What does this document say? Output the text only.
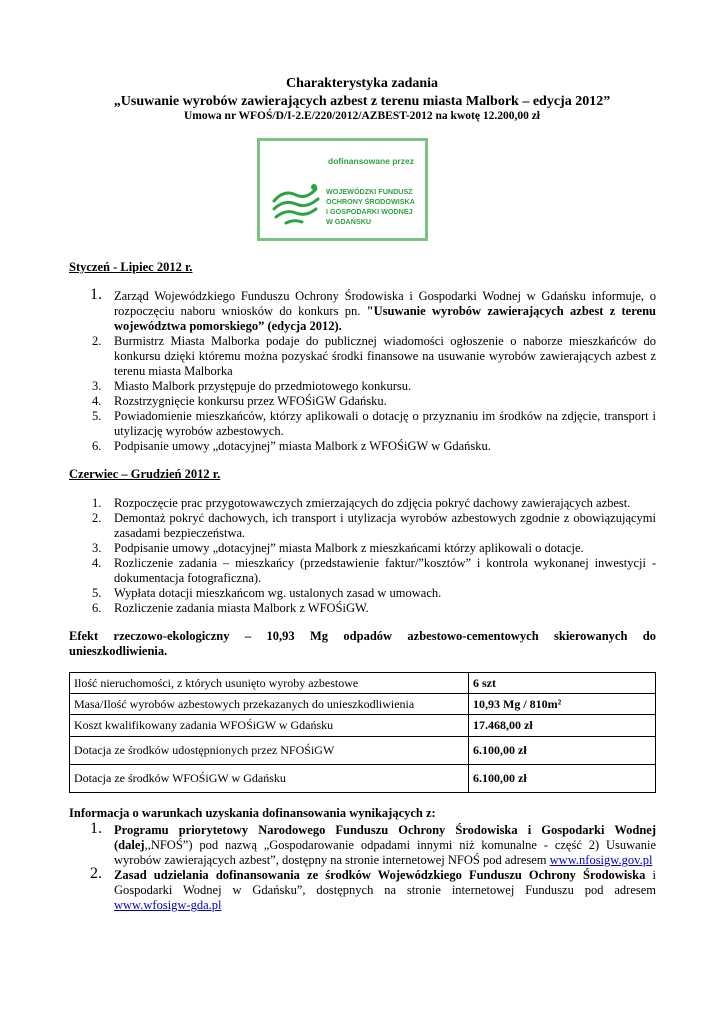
Charakterystyka zadania
„Usuwanie wyrobów zawierających azbest z terenu miasta Malbork – edycja 2012”
Umowa nr WFOŚ/D/I-2.E/220/2012/AZBEST-2012 na kwotę 12.200,00 zł
dofinansowane przez
WOJEWÓDZKI FUNDUSZ
OCHRONY ŚRODOWISKA
I GOSPODARKI WODNEJ
W GDAŃSKU
Styczeń - Lipiec 2012 r.
1. Zarząd Wojewódzkiego Funduszu Ochrony Środowiska i Gospodarki Wodnej w Gdańsku informuje, o rozpoczęciu naboru wniosków do konkurs pn. "Usuwanie wyrobów zawierających azbest z terenu województwa pomorskiego” (edycja 2012).
2. Burmistrz Miasta Malborka podaje do publicznej wiadomości ogłoszenie o naborze mieszkańców do konkursu dzięki któremu można pozyskać środki finansowe na usuwanie wyrobów zawierających azbest z terenu miasta Malborka
3. Miasto Malbork przystępuje do przedmiotowego konkursu.
4. Rozstrzygnięcie konkursu przez WFOŚiGW Gdańsku.
5. Powiadomienie mieszkańców, którzy aplikowali o dotację o przyznaniu im środków na zdjęcie, transport i utylizację wyrobów azbestowych.
6. Podpisanie umowy „dotacyjnej” miasta Malbork z WFOŚiGW w Gdańsku.
Czerwiec – Grudzień 2012 r.
1. Rozpoczęcie prac przygotowawczych zmierzających do zdjęcia pokryć dachowy zawierających azbest.
2. Demontaż pokryć dachowych, ich transport i utylizacja wyrobów azbestowych zgodnie z obowiązującymi zasadami bezpieczeństwa.
3. Podpisanie umowy „dotacyjnej” miasta Malbork z mieszkańcami którzy aplikowali o dotacje.
4. Rozliczenie zadania – mieszkańcy (przedstawienie faktur/”kosztów” i kontrola wykonanej inwestycji - dokumentacja fotograficzna).
5. Wypłata dotacji mieszkańcom wg. ustalonych zasad w umowach.
6. Rozliczenie zadania miasta Malbork z WFOŚiGW.
Efekt rzeczowo-ekologiczny – 10,93 Mg odpadów azbestowo-cementowych skierowanych do unieszkodliwienia.
Ilość nieruchomości, z których usunięto wyroby azbestowe	6 szt
Masa/Ilość wyrobów azbestowych przekazanych do unieszkodliwienia	10,93 Mg / 810m²
Koszt kwalifikowany zadania WFOŚiGW w Gdańsku	17.468,00 zł
Dotacja ze środków udostępnionych przez NFOŚiGW	6.100,00 zł
Dotacja ze środków WFOŚiGW w Gdańsku	6.100,00 zł
Informacja o warunkach uzyskania dofinansowania wynikających z:
1. Programu priorytetowy Narodowego Funduszu Ochrony Środowiska i Gospodarki Wodnej (dalej,,NFOŚ”) pod nazwą „Gospodarowanie odpadami innymi niż komunalne - część 2) Usuwanie wyrobów zawierających azbest”, dostępny na stronie internetowej NFOŚ pod adresem www.nfosigw.gov.pl
2. Zasad udzielania dofinansowania ze środków Wojewódzkiego Funduszu Ochrony Środowiska i Gospodarki Wodnej w Gdańsku”, dostępnych na stronie internetowej Funduszu pod adresem www.wfosigw-gda.pl
